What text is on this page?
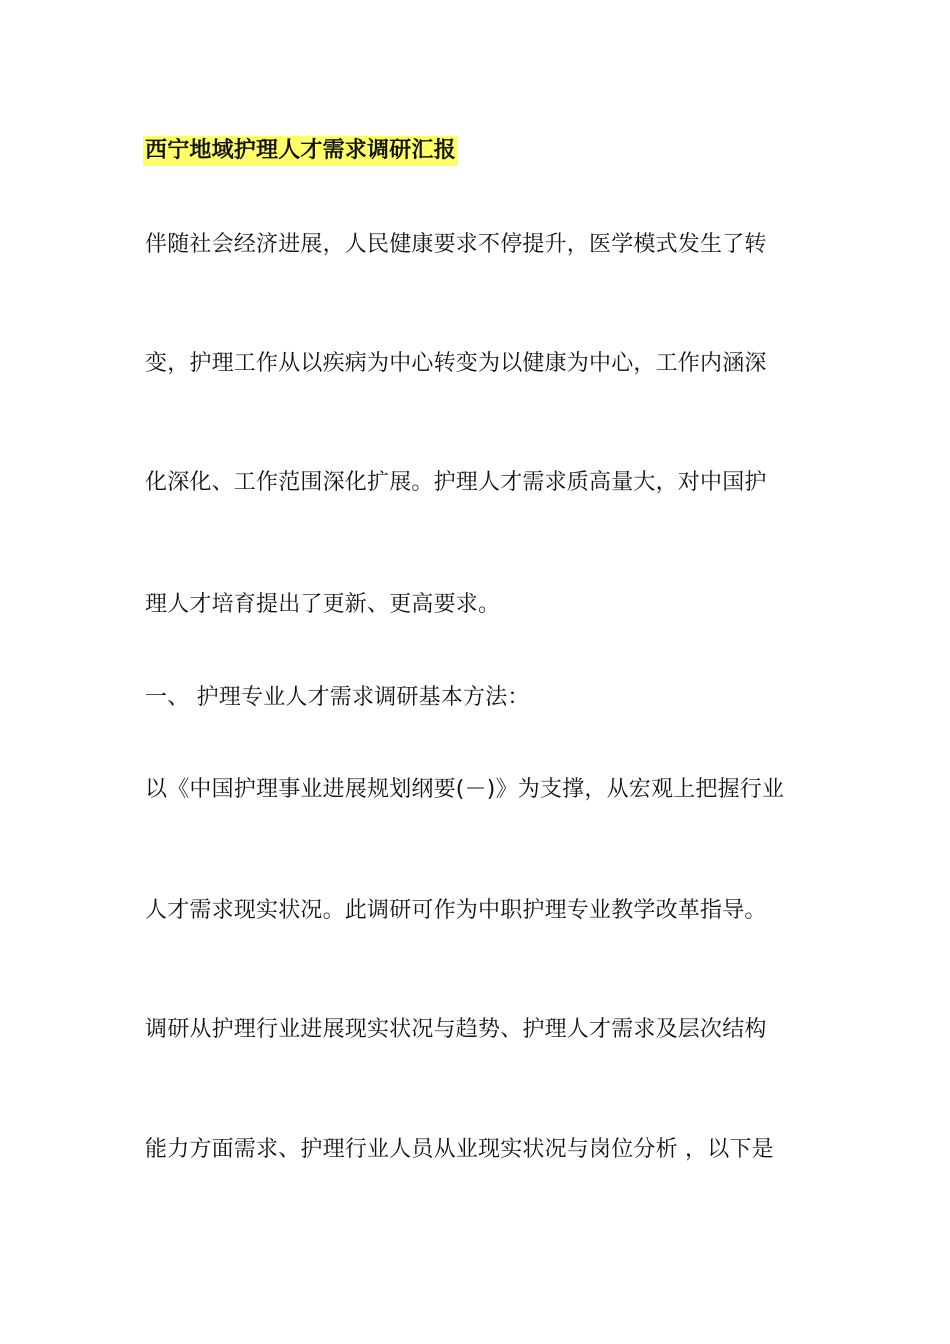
西宁地域护理人才需求调研汇报
伴随社会经济进展，人民健康要求不停提升，医学模式发生了转
变，护理工作从以疾病为中心转变为以健康为中心，工作内涵深
化深化、工作范围深化扩展。护理人才需求质高量大，对中国护
理人才培育提出了更新、更高要求。
一、 护理专业人才需求调研基本方法：
以《中国护理事业进展规划纲要(－)》为支撑，从宏观上把握行业
人才需求现实状况。此调研可作为中职护理专业教学改革指导。
调研从护理行业进展现实状况与趋势、护理人才需求及层次结构
能力方面需求、护理行业人员从业现实状况与岗位分析 ，以下是
